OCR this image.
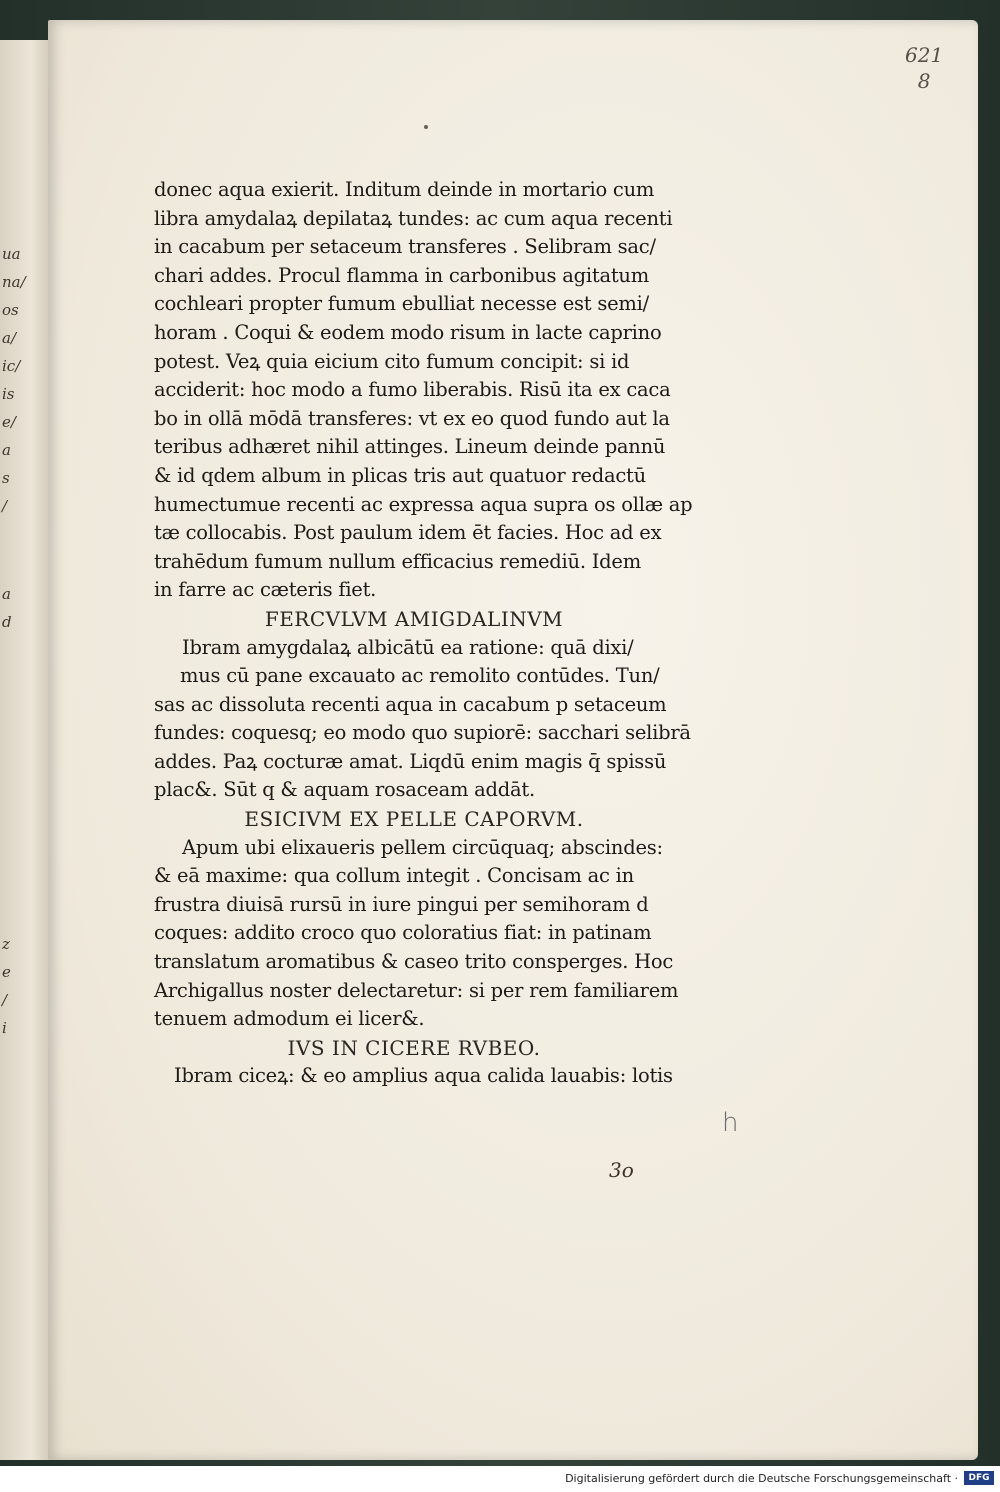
ua
na/
os
a/
ic/
is
e/
a
s
/
a
d
z
e
/
i
621
8
donec aqua exierit. Inditum deinde in mortario cum
libra amydalaꝝ depilataꝝ tundes: ac cum aqua recenti
in cacabum per setaceum transferes . Selibram sac/
chari addes. Procul flamma in carbonibus agitatum
cochleari propter fumum ebulliat necesse est semi/
horam . Coqui & eodem modo risum in lacte caprino
potest. Veꝝ quia eicium cito fumum concipit: si id
acciderit: hoc modo a fumo liberabis. Risū ita ex caca
bo in ollā mōdā transferes: vt ex eo quod fundo aut la
teribus adhæret nihil attinges. Lineum deinde pannū
& id qdem album in plicas tris aut quatuor redactū
humectumue recenti ac expressa aqua supra os ollæ ap
tæ collocabis. Post paulum idem ēt facies. Hoc ad ex
trahēdum fumum nullum efficacius remediū. Idem
in farre ac cæteris fiet.
FERCVLVM AMIGDALINVM
Ibram amygdalaꝝ albicātū ea ratione: quā dixi/
mus cū pane excauato ac remolito contūdes. Tun/
sas ac dissoluta recenti aqua in cacabum p setaceum
fundes: coquesq; eo modo quo supiorē: sacchari selibrā
addes. Paꝝ cocturæ amat. Liqdū enim magis q̄ spissū
plac&. Sūt q & aquam rosaceam addāt.
ESICIVM EX PELLE CAPORVM.
Apum ubi elixaueris pellem circūquaq; abscindes:
& eā maxime: qua collum integit . Concisam ac in
frustra diuisā rursū in iure pingui per semihoram d
coques: addito croco quo coloratius fiat: in patinam
translatum aromatibus & caseo trito consperges. Hoc
Archigallus noster delectaretur: si per rem familiarem
tenuem admodum ei licer&.
IVS IN CICERE RVBEO.
Ibram ciceꝝ: & eo amplius aqua calida lauabis: lotis
3o
h
Digitalisierung gefördert durch die Deutsche Forschungsgemeinschaft ·	DFG
